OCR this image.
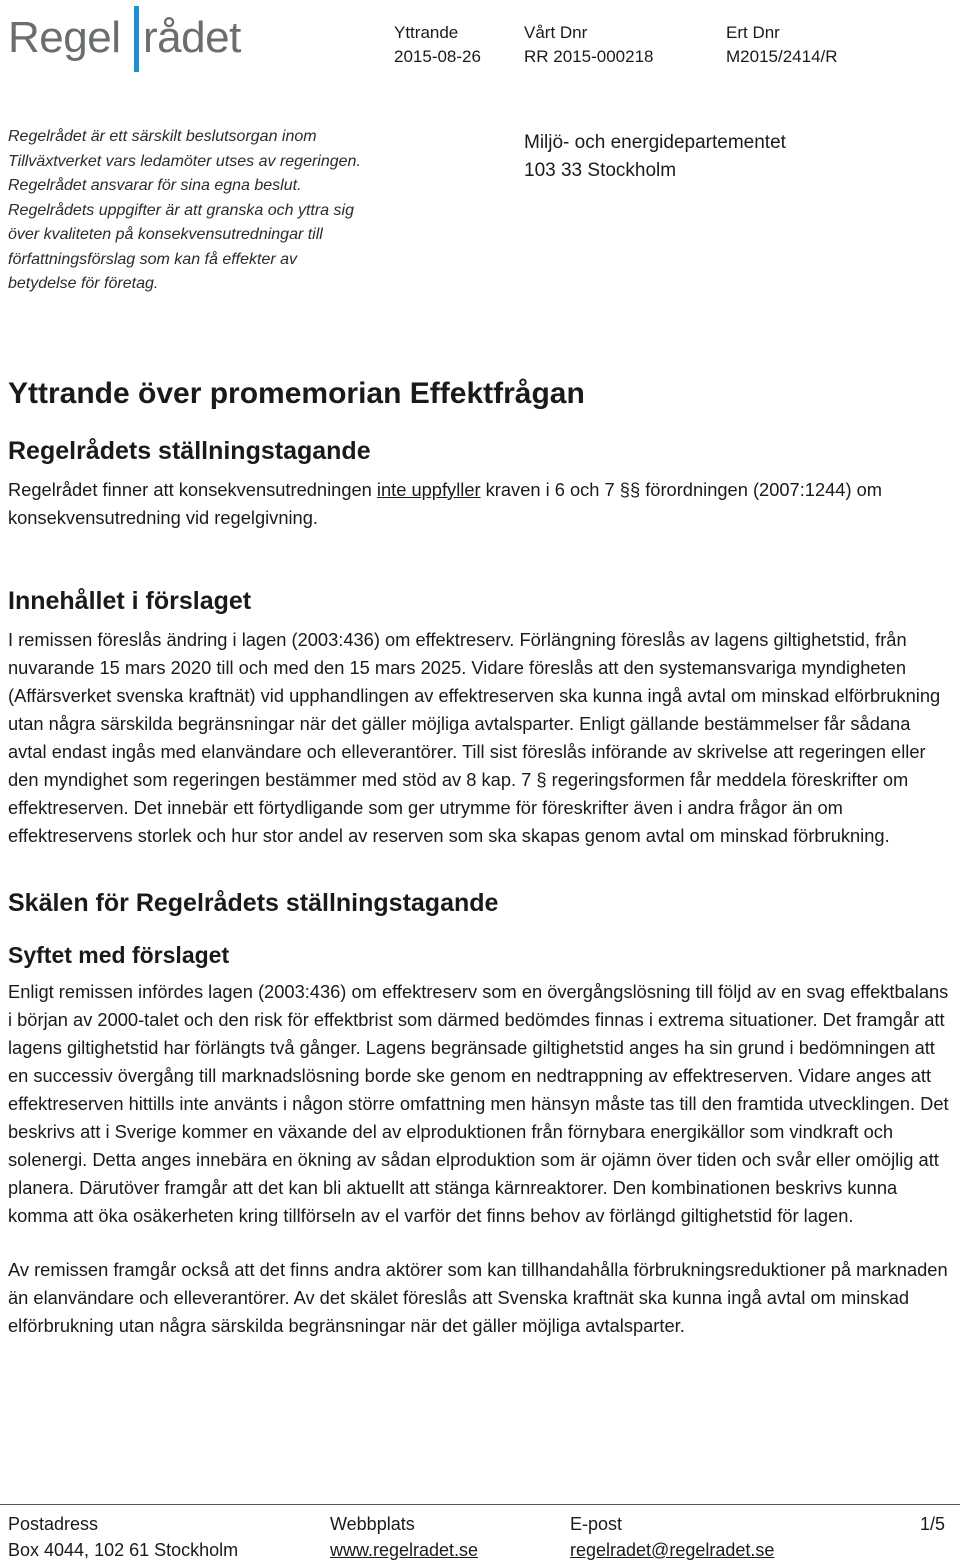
Regel rådet	Yttrande
2015-08-26
Vårt Dnr
RR 2015-000218
Ert Dnr
M2015/2414/R
Regelrådet är ett särskilt beslutsorgan inom
Tillväxtverket vars ledamöter utses av regeringen.
Regelrådet ansvarar för sina egna beslut.
Regelrådets uppgifter är att granska och yttra sig
över kvaliteten på konsekvensutredningar till
författningsförslag som kan få effekter av
betydelse för företag.
Miljö- och energidepartementet
103 33 Stockholm
Yttrande över promemorian Effektfrågan
Regelrådets ställningstagande
Regelrådet finner att konsekvensutredningen inte uppfyller kraven i 6 och 7 §§ förordningen (2007:1244) om konsekvensutredning vid regelgivning.
Innehållet i förslaget
I remissen föreslås ändring i lagen (2003:436) om effektreserv. Förlängning föreslås av lagens giltighetstid, från nuvarande 15 mars 2020 till och med den 15 mars 2025. Vidare föreslås att den systemansvariga myndigheten (Affärsverket svenska kraftnät) vid upphandlingen av effektreserven ska kunna ingå avtal om minskad elförbrukning utan några särskilda begränsningar när det gäller möjliga avtalsparter. Enligt gällande bestämmelser får sådana avtal endast ingås med elanvändare och elleverantörer. Till sist föreslås införande av skrivelse att regeringen eller den myndighet som regeringen bestämmer med stöd av 8 kap. 7 § regeringsformen får meddela föreskrifter om effektreserven. Det innebär ett förtydligande som ger utrymme för föreskrifter även i andra frågor än om effektreservens storlek och hur stor andel av reserven som ska skapas genom avtal om minskad förbrukning.
Skälen för Regelrådets ställningstagande
Syftet med förslaget
Enligt remissen infördes lagen (2003:436) om effektreserv som en övergångslösning till följd av en svag effektbalans i början av 2000-talet och den risk för effektbrist som därmed bedömdes finnas i extrema situationer. Det framgår att lagens giltighetstid har förlängts två gånger. Lagens begränsade giltighetstid anges ha sin grund i bedömningen att en successiv övergång till marknadslösning borde ske genom en nedtrappning av effektreserven. Vidare anges att effektreserven hittills inte använts i någon större omfattning men hänsyn måste tas till den framtida utvecklingen. Det beskrivs att i Sverige kommer en växande del av elproduktionen från förnybara energikällor som vindkraft och solenergi. Detta anges innebära en ökning av sådan elproduktion som är ojämn över tiden och svår eller omöjlig att planera. Därutöver framgår att det kan bli aktuellt att stänga kärnreaktorer. Den kombinationen beskrivs kunna komma att öka osäkerheten kring tillförseln av el varför det finns behov av förlängd giltighetstid för lagen.
Av remissen framgår också att det finns andra aktörer som kan tillhandahålla förbrukningsreduktioner på marknaden än elanvändare och elleverantörer. Av det skälet föreslås att Svenska kraftnät ska kunna ingå avtal om minskad elförbrukning utan några särskilda begränsningar när det gäller möjliga avtalsparter.
Postadress
Box 4044, 102 61 Stockholm
Webbplats
www.regelradet.se
E-post
regelradet@regelradet.se
1/5
